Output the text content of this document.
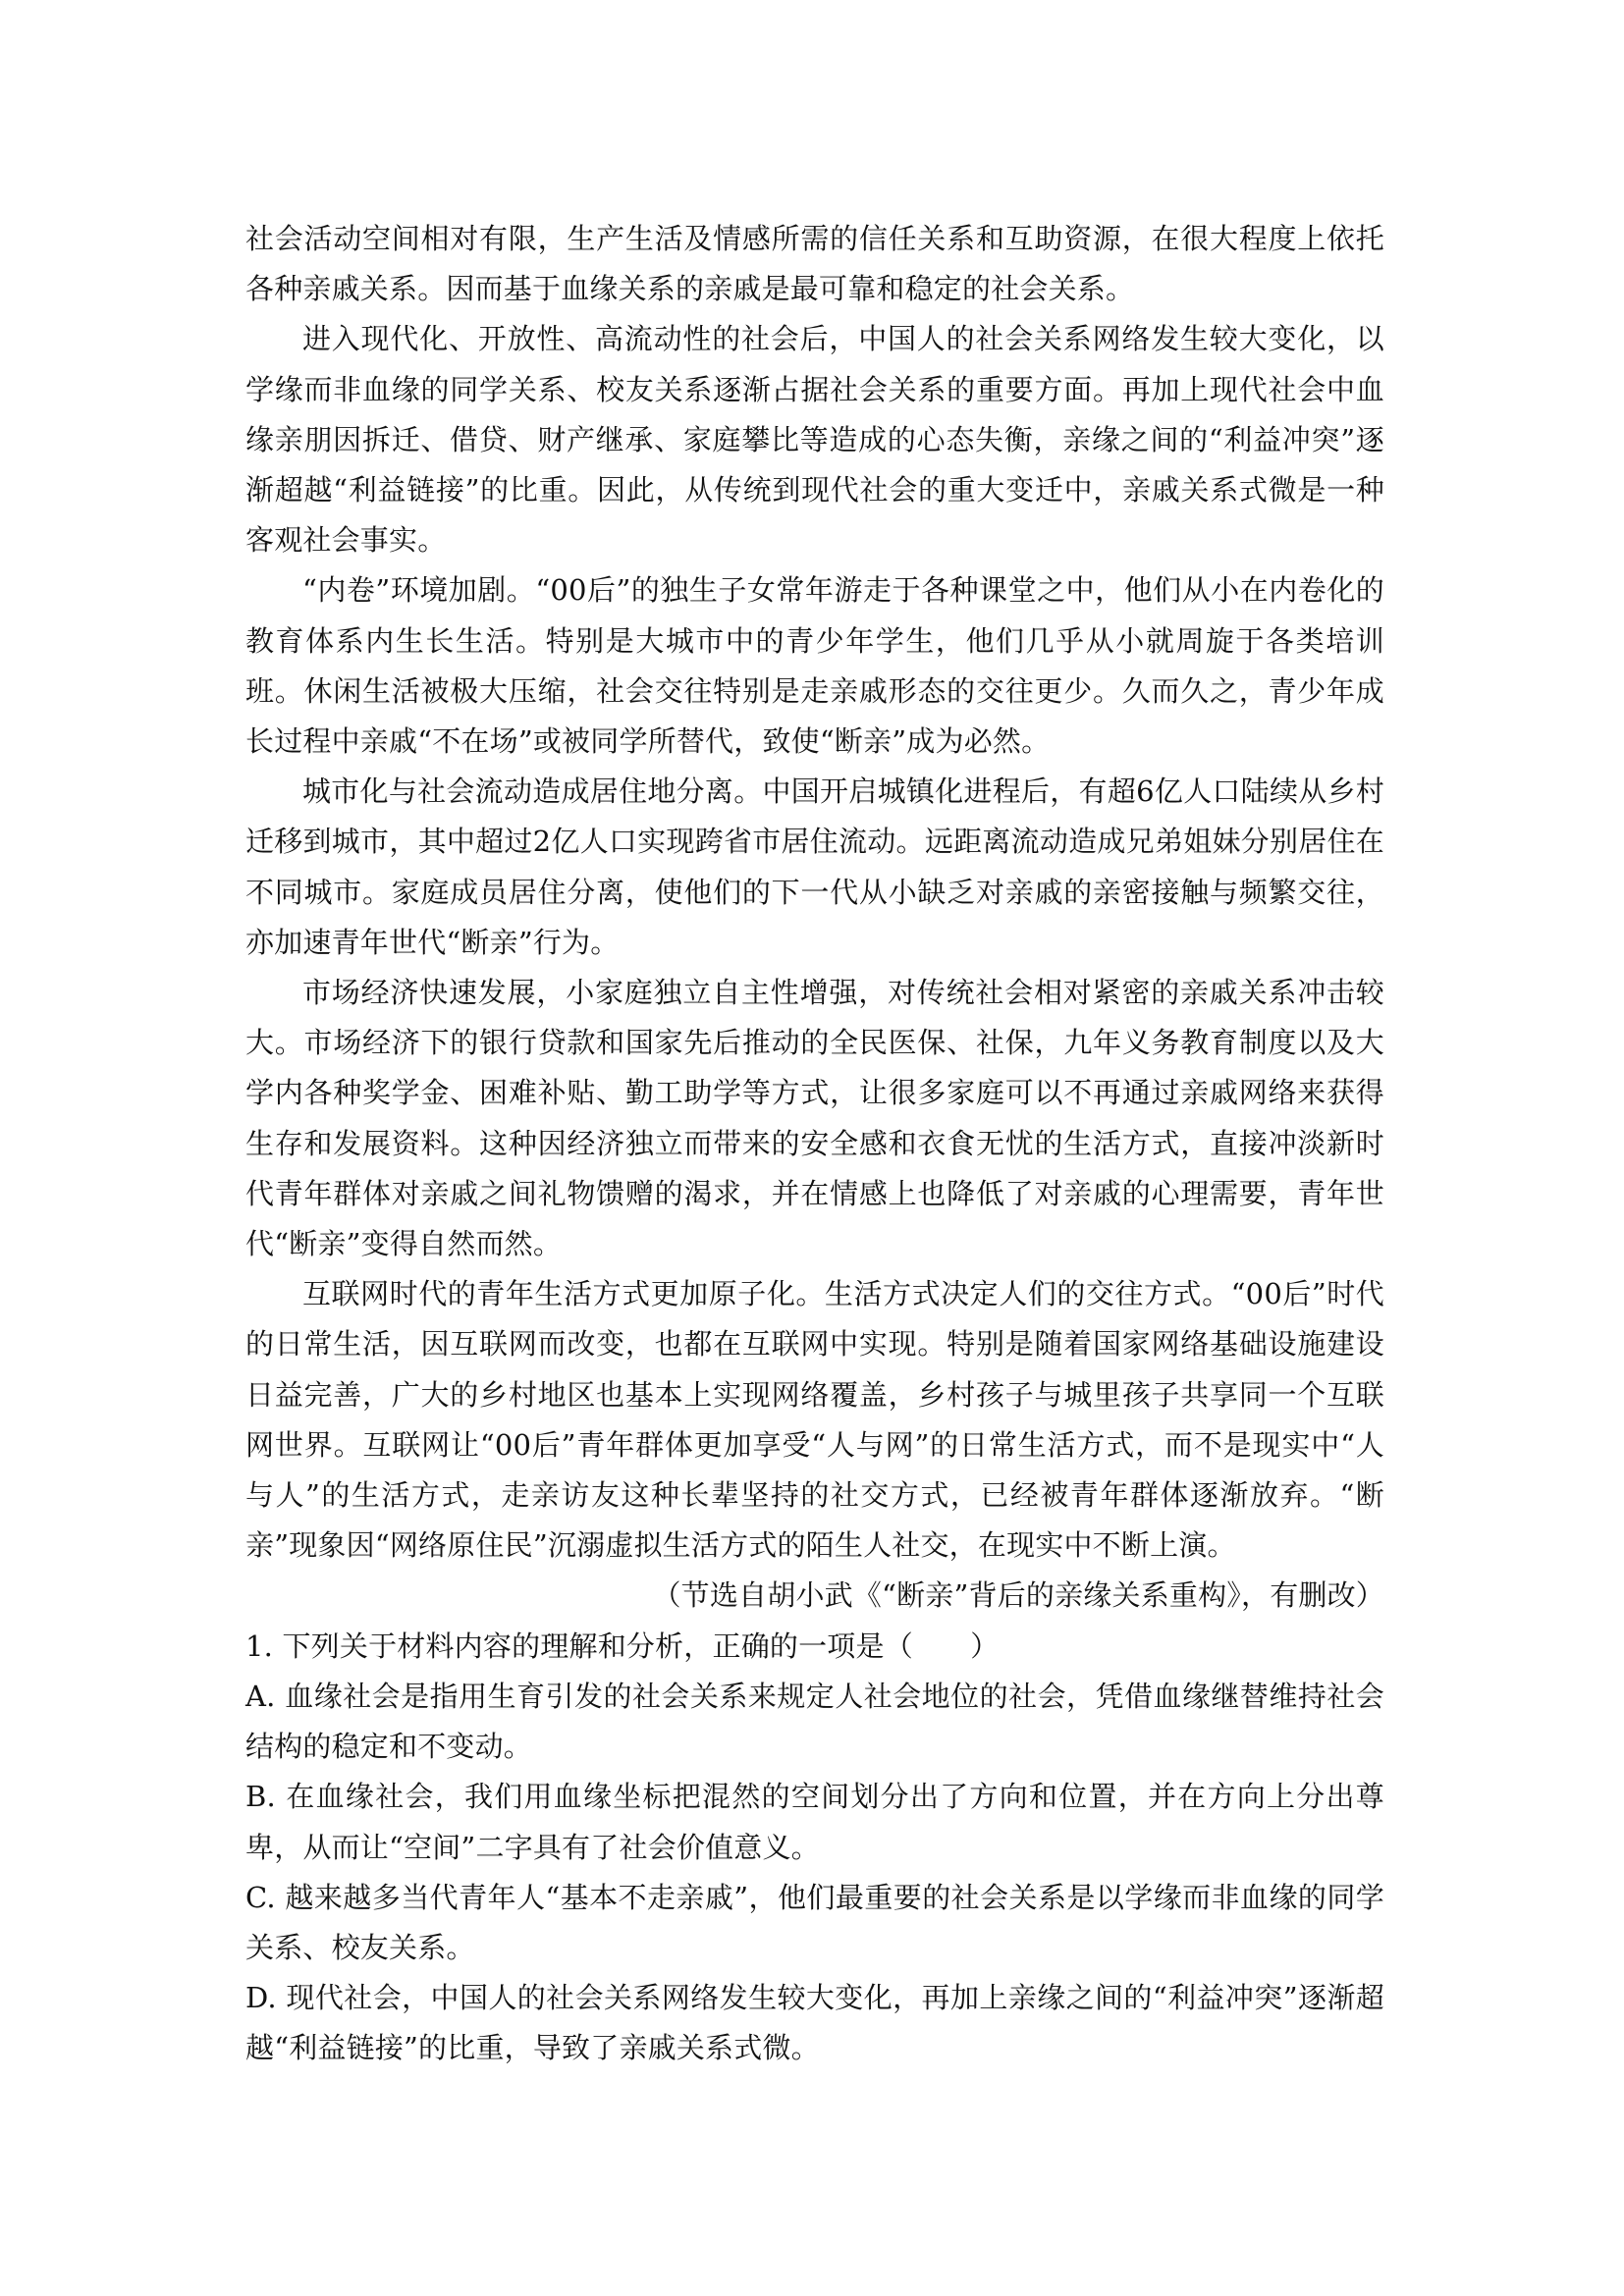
社会活动空间相对有限，生产生活及情感所需的信任关系和互助资源，在很大程度上依托各种亲戚关系。因而基于血缘关系的亲戚是最可靠和稳定的社会关系。

进入现代化、开放性、高流动性的社会后，中国人的社会关系网络发生较大变化，以学缘而非血缘的同学关系、校友关系逐渐占据社会关系的重要方面。再加上现代社会中血缘亲朋因拆迁、借贷、财产继承、家庭攀比等造成的心态失衡，亲缘之间的“利益冲突”逐渐超越“利益链接”的比重。因此，从传统到现代社会的重大变迁中，亲戚关系式微是一种客观社会事实。

“内卷”环境加剧。“00后”的独生子女常年游走于各种课堂之中，他们从小在内卷化的教育体系内生长生活。特别是大城市中的青少年学生，他们几乎从小就周旋于各类培训班。休闲生活被极大压缩，社会交往特别是走亲戚形态的交往更少。久而久之，青少年成长过程中亲戚“不在场”或被同学所替代，致使“断亲”成为必然。

城市化与社会流动造成居住地分离。中国开启城镇化进程后，有超6亿人口陆续从乡村迁移到城市，其中超过2亿人口实现跨省市居住流动。远距离流动造成兄弟姐妹分别居住在不同城市。家庭成员居住分离，使他们的下一代从小缺乏对亲戚的亲密接触与频繁交往，亦加速青年世代“断亲”行为。

市场经济快速发展，小家庭独立自主性增强，对传统社会相对紧密的亲戚关系冲击较大。市场经济下的银行贷款和国家先后推动的全民医保、社保，九年义务教育制度以及大学内各种奖学金、困难补贴、勤工助学等方式，让很多家庭可以不再通过亲戚网络来获得生存和发展资料。这种因经济独立而带来的安全感和衣食无忧的生活方式，直接冲淡新时代青年群体对亲戚之间礼物馈赠的渴求，并在情感上也降低了对亲戚的心理需要，青年世代“断亲”变得自然而然。

互联网时代的青年生活方式更加原子化。生活方式决定人们的交往方式。“00后”时代的日常生活，因互联网而改变，也都在互联网中实现。特别是随着国家网络基础设施建设日益完善，广大的乡村地区也基本上实现网络覆盖，乡村孩子与城里孩子共享同一个互联网世界。互联网让“00后”青年群体更加享受“人与网”的日常生活方式，而不是现实中“人与人”的生活方式，走亲访友这种长辈坚持的社交方式，已经被青年群体逐渐放弃。“断亲”现象因“网络原住民”沉溺虚拟生活方式的陌生人社交，在现实中不断上演。

（节选自胡小武《“断亲”背后的亲缘关系重构》，有删改）

1. 下列关于材料内容的理解和分析，正确的一项是（　　）

A. 血缘社会是指用生育引发的社会关系来规定人社会地位的社会，凭借血缘继替维持社会结构的稳定和不变动。

B. 在血缘社会，我们用血缘坐标把混然的空间划分出了方向和位置，并在方向上分出尊卑，从而让“空间”二字具有了社会价值意义。

C. 越来越多当代青年人“基本不走亲戚”，他们最重要的社会关系是以学缘而非血缘的同学关系、校友关系。

D. 现代社会，中国人的社会关系网络发生较大变化，再加上亲缘之间的“利益冲突”逐渐超越“利益链接”的比重，导致了亲戚关系式微。
